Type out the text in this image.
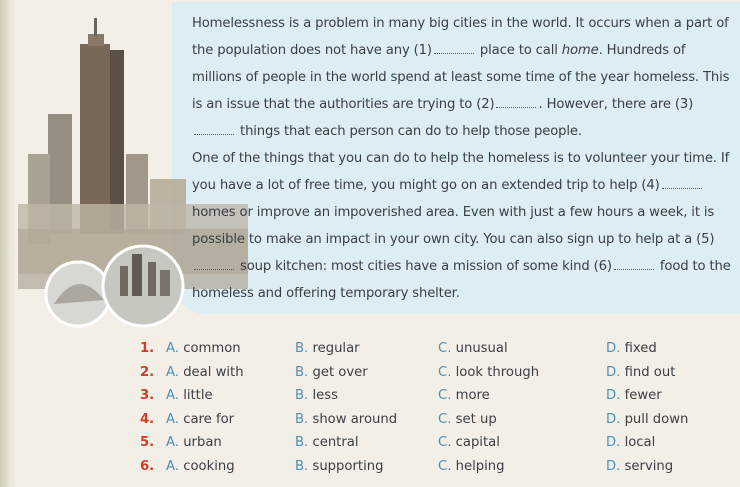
Homelessness is a problem in many big cities in the world. It occurs when a part of the population does not have any (1)	place to call home. Hundreds of millions of people in the world spend at least some time of the year homeless. This is an issue that the authorities are trying to (2)	. However, there are (3) things that each person can do to help those people.

One of the things that you can do to help the homeless is to volunteer your time. If you have a lot of free time, you might go on an extended trip to help (4) homes or improve an impoverished area. Even with just a few hours a week, it is possible to make an impact in your own city. You can also sign up to help at a (5) soup kitchen: most cities have a mission of some kind (6)	food to the homeless and offering temporary shelter.

1. A. common	B. regular	C. unusual	D. fixed
2. A. deal with	B. get over	C. look through	D. find out
3. A. little	B. less	C. more	D. fewer
4. A. care for	B. show around	C. set up	D. pull down
5. A. urban	B. central	C. capital	D. local
6. A. cooking	B. supporting	C. helping	D. serving
